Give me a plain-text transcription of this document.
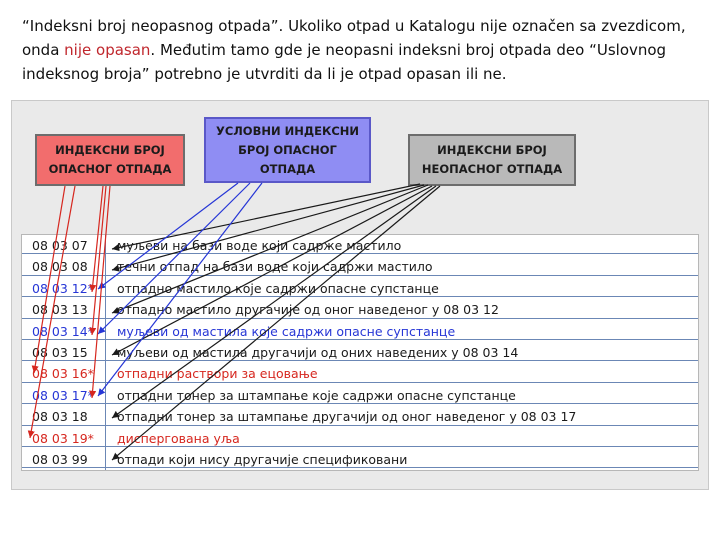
“Indeksni broj neopasnog otpada”. Ukoliko otpad u Katalogu nije označen sa zvezdicom, onda nije opasan. Međutim tamo gde je neopasni indeksni broj otpada deo “Uslovnog indeksnog broja” potrebno je utvrditi da li je otpad opasan ili ne.
ИНДЕКСНИ БРОЈ
ОПАСНОГ ОТПАДА
УСЛОВНИ ИНДЕКСНИ
БРОЈ ОПАСНОГ
ОТПАДА
ИНДЕКСНИ БРОЈ
НЕОПАСНОГ ОТПАДА
08 03 07 муљеви на бази воде који садрже мастило
08 03 08 течни отпад на бази воде који садржи мастило
08 03 12* отпадно мастило које садржи опасне супстанце
08 03 13 отпадно мастило другачије од оног наведеног у 08 03 12
08 03 14* муљеви од мастила које садржи опасне супстанце
08 03 15 муљеви од мастила другачији од оних наведених у 08 03 14
08 03 16* отпадни раствори за ецовање
08 03 17* отпадни тонер за штампање које садржи опасне супстанце
08 03 18 отпадни тонер за штампање другачији од оног наведеног у 08 03 17
08 03 19* диспергована уља
08 03 99 отпади који нису другачије спецификовани
